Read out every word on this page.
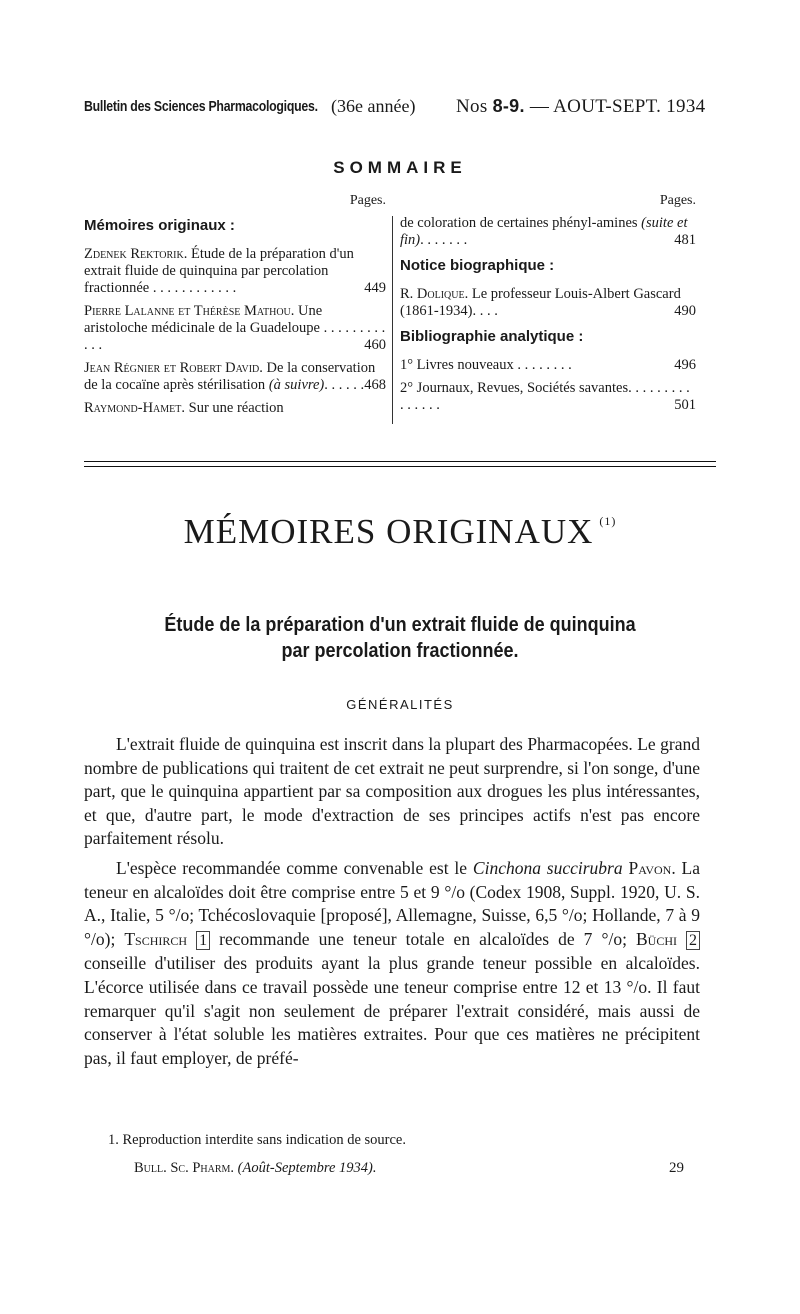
Bulletin des Sciences Pharmacologiques. (36e année) Nos 8-9. — AOUT-SEPT. 1934
SOMMAIRE
Pages.
Mémoires originaux :
Zdenek Rektorik. Étude de la préparation d'un extrait fluide de quinquina par percolation fractionnée . . . . . . . . . . . .	449
Pierre Lalanne et Thérèse Mathou. Une aristoloche médicinale de la Guadeloupe . . . . . . . . . . . .	460
Jean Régnier et Robert David. De la conservation de la cocaïne après stérilisation (à suivre). . . . . . 468
Raymond-Hamet. Sur une réaction
Pages.
de coloration de certaines phényl-amines (suite et fin). . . . . . .	481
Notice biographique :
R. Dolique. Le professeur Louis-Albert Gascard (1861-1934). . . .	490
Bibliographie analytique :
1° Livres nouveaux . . . . . . . .	496
2° Journaux, Revues, Sociétés savantes. . . . . . . . . . . . . . .	501
MÉMOIRES ORIGINAUX $^{(1)}$
Étude de la préparation d'un extrait fluide de quinquina
par percolation fractionnée.
GÉNÉRALITÉS

L'extrait fluide de quinquina est inscrit dans la plupart des Pharmacopées. Le grand nombre de publications qui traitent de cet extrait ne peut surprendre, si l'on songe, d'une part, que le quinquina appartient par sa composition aux drogues les plus intéressantes, et que, d'autre part, le mode d'extraction de ses principes actifs n'est pas encore parfaitement résolu.

L'espèce recommandée comme convenable est le Cinchona succirubra Pavon. La teneur en alcaloïdes doit être comprise entre 5 et 9 °/o (Codex 1908, Suppl. 1920, U. S. A., Italie, 5 °/o; Tchécoslovaquie [proposé], Allemagne, Suisse, 6,5 °/o; Hollande, 7 à 9 °/o); Tschirch 1 recommande une teneur totale en alcaloïdes de 7 °/o; Büchi 2 conseille d'utiliser des produits ayant la plus grande teneur possible en alcaloïdes. L'écorce utilisée dans ce travail possède une teneur comprise entre 12 et 13 °/o. Il faut remarquer qu'il s'agit non seulement de préparer l'extrait considéré, mais aussi de conserver à l'état soluble les matières extraites. Pour que ces matières ne précipitent pas, il faut employer, de préfé-

1. Reproduction interdite sans indication de source.
Bull. Sc. Pharm. (Août-Septembre 1934).	29
